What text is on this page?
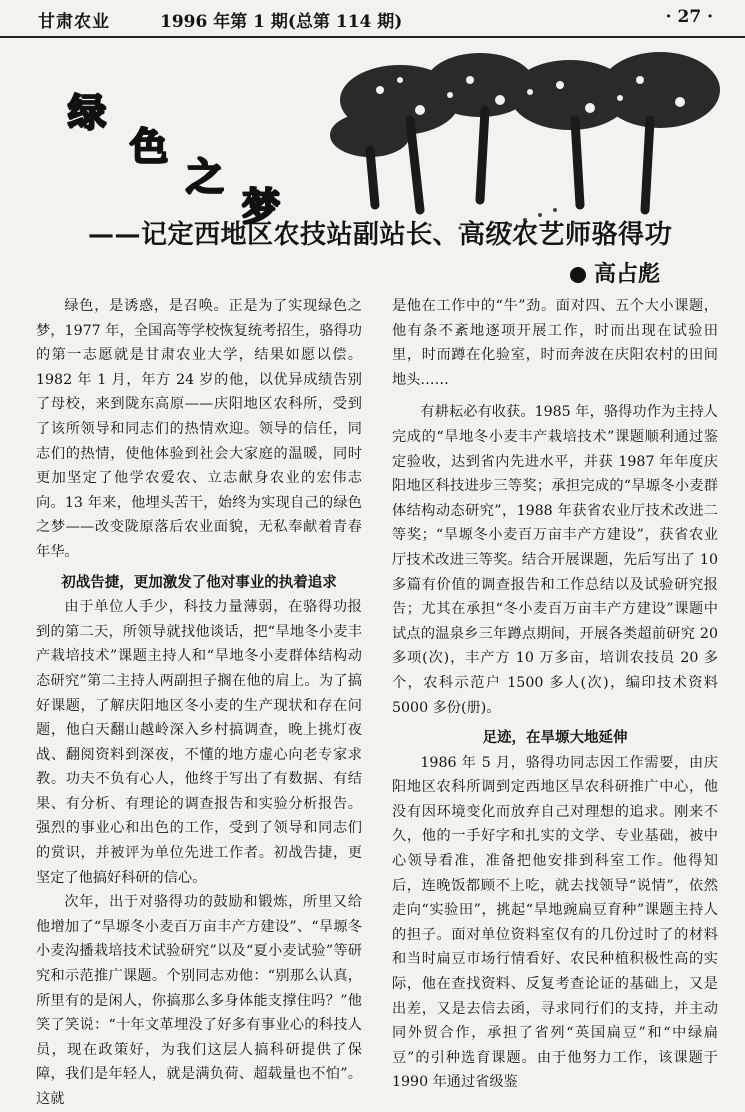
甘肃农业	1996 年第 1 期(总第 114 期)	· 27 ·
绿
色
之
梦
——记定西地区农技站副站长、高级农艺师骆得功
高占彪

绿色，是诱惑，是召唤。正是为了实现绿色之梦，1977 年，全国高等学校恢复统考招生，骆得功的第一志愿就是甘肃农业大学，结果如愿以偿。1982 年 1 月，年方 24 岁的他，以优异成绩告别了母校，来到陇东高原——庆阳地区农科所，受到了该所领导和同志们的热情欢迎。领导的信任，同志们的热情，使他体验到社会大家庭的温暖，同时更加坚定了他学农爱农、立志献身农业的宏伟志向。13 年来，他埋头苦干，始终为实现自己的绿色之梦——改变陇原落后农业面貌，无私奉献着青春年华。

初战告捷，更加激发了他对事业的执着追求

由于单位人手少，科技力量薄弱，在骆得功报到的第二天，所领导就找他谈话，把“旱地冬小麦丰产栽培技术”课题主持人和“旱地冬小麦群体结构动态研究”第二主持人两副担子搁在他的肩上。为了搞好课题，了解庆阳地区冬小麦的生产现状和存在问题，他白天翻山越岭深入乡村搞调查，晚上挑灯夜战、翻阅资料到深夜，不懂的地方虚心向老专家求教。功夫不负有心人，他终于写出了有数据、有结果、有分析、有理论的调查报告和实验分析报告。强烈的事业心和出色的工作，受到了领导和同志们的赏识，并被评为单位先进工作者。初战告捷，更坚定了他搞好科研的信心。

次年，出于对骆得功的鼓励和锻炼，所里又给他增加了“旱塬冬小麦百万亩丰产方建设”、“旱塬冬小麦沟播栽培技术试验研究”以及“夏小麦试验”等研究和示范推广课题。个别同志劝他：“别那么认真，所里有的是闲人，你搞那么多身体能支撑住吗？”他笑了笑说：“十年文革埋没了好多有事业心的科技人员，现在政策好，为我们这层人搞科研提供了保障，我们是年轻人，就是满负荷、超载量也不怕”。这就

是他在工作中的“牛”劲。面对四、五个大小课题，他有条不紊地逐项开展工作，时而出现在试验田里，时而蹲在化验室，时而奔波在庆阳农村的田间地头……

有耕耘必有收获。1985 年，骆得功作为主持人完成的“旱地冬小麦丰产栽培技术”课题顺利通过鉴定验收，达到省内先进水平，并获 1987 年年度庆阳地区科技进步三等奖；承担完成的“旱塬冬小麦群体结构动态研究”，1988 年获省农业厅技术改进二等奖；“旱塬冬小麦百万亩丰产方建设”，获省农业厅技术改进三等奖。结合开展课题，先后写出了 10 多篇有价值的调查报告和工作总结以及试验研究报告；尤其在承担“冬小麦百万亩丰产方建设”课题中试点的温泉乡三年蹲点期间，开展各类超前研究 20 多项(次)，丰产方 10 万多亩，培训农技员 20 多个，农科示范户 1500 多人(次)，编印技术资料 5000 多份(册)。

足迹，在旱塬大地延伸

1986 年 5 月，骆得功同志因工作需要，由庆阳地区农科所调到定西地区旱农科研推广中心，他没有因环境变化而放弃自己对理想的追求。刚来不久，他的一手好字和扎实的文学、专业基础，被中心领导看准，准备把他安排到科室工作。他得知后，连晚饭都顾不上吃，就去找领导“说情”，依然走向“实验田”，挑起“旱地豌扁豆育种”课题主持人的担子。面对单位资料室仅有的几份过时了的材料和当时扁豆市场行情看好、农民种植积极性高的实际，他在查找资料、反复考查论证的基础上，又是出差，又是去信去函，寻求同行们的支持，并主动同外贸合作，承担了省列“英国扁豆”和“中绿扁豆”的引种选育课题。由于他努力工作，该课题于 1990 年通过省级鉴
